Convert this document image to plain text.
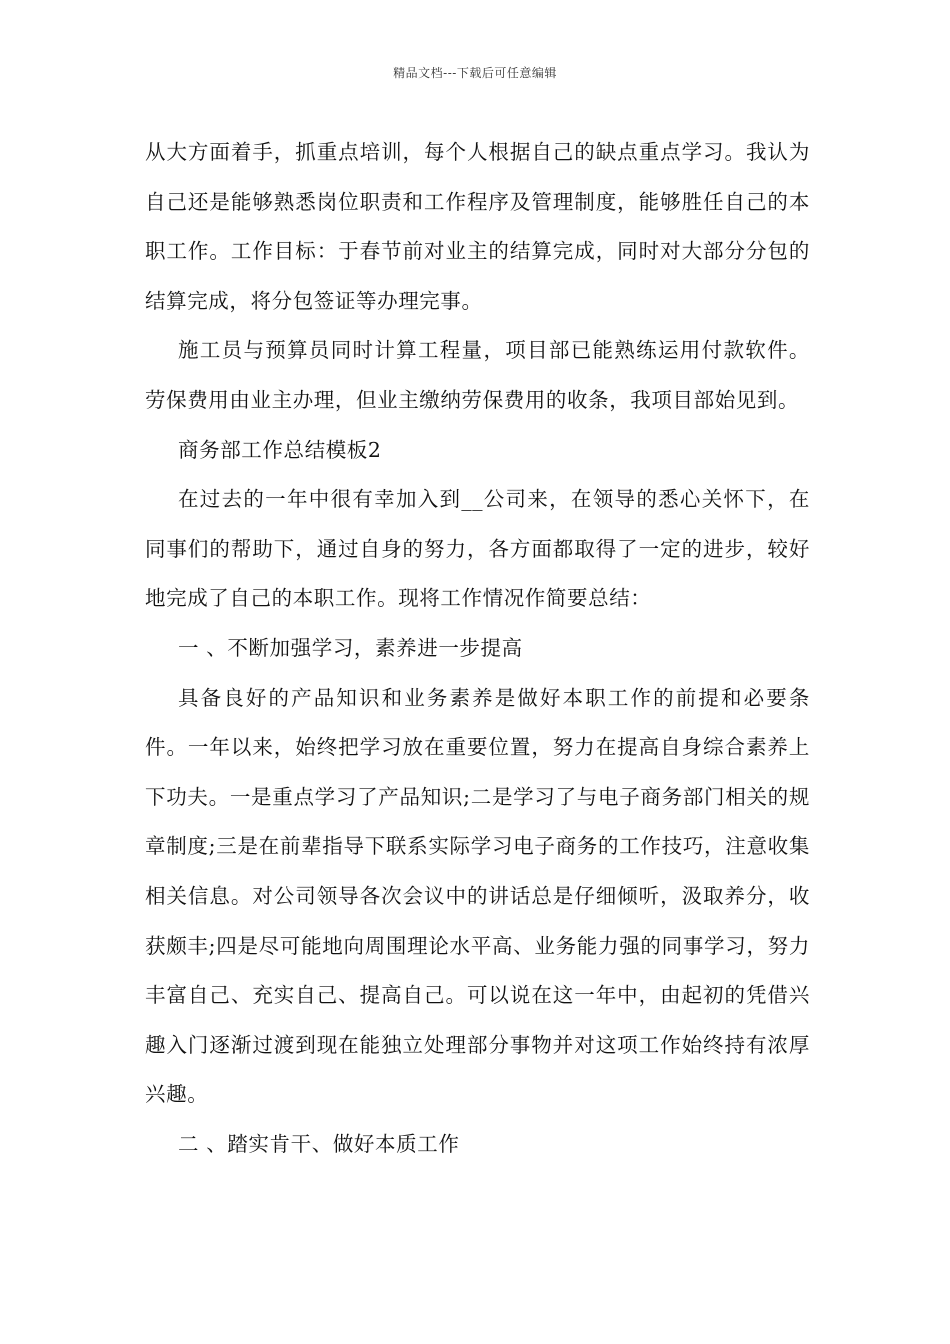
精品文档---下载后可任意编辑

从大方面着手，抓重点培训，每个人根据自己的缺点重点学习。我认为自己还是能够熟悉岗位职责和工作程序及管理制度，能够胜任自己的本职工作。工作目标：于春节前对业主的结算完成，同时对大部分分包的结算完成，将分包签证等办理完事。

施工员与预算员同时计算工程量，项目部已能熟练运用付款软件。劳保费用由业主办理，但业主缴纳劳保费用的收条，我项目部始见到。

商务部工作总结模板2

在过去的一年中很有幸加入到__公司来，在领导的悉心关怀下，在同事们的帮助下，通过自身的努力，各方面都取得了一定的进步，较好地完成了自己的本职工作。现将工作情况作简要总结：

一 、不断加强学习，素养进一步提高

具备良好的产品知识和业务素养是做好本职工作的前提和必要条件。一年以来，始终把学习放在重要位置，努力在提高自身综合素养上下功夫。一是重点学习了产品知识;二是学习了与电子商务部门相关的规章制度;三是在前辈指导下联系实际学习电子商务的工作技巧，注意收集相关信息。对公司领导各次会议中的讲话总是仔细倾听，汲取养分，收获颇丰;四是尽可能地向周围理论水平高、业务能力强的同事学习，努力丰富自己、充实自己、提高自己。可以说在这一年中，由起初的凭借兴趣入门逐渐过渡到现在能独立处理部分事物并对这项工作始终持有浓厚兴趣。

二 、踏实肯干、做好本质工作
